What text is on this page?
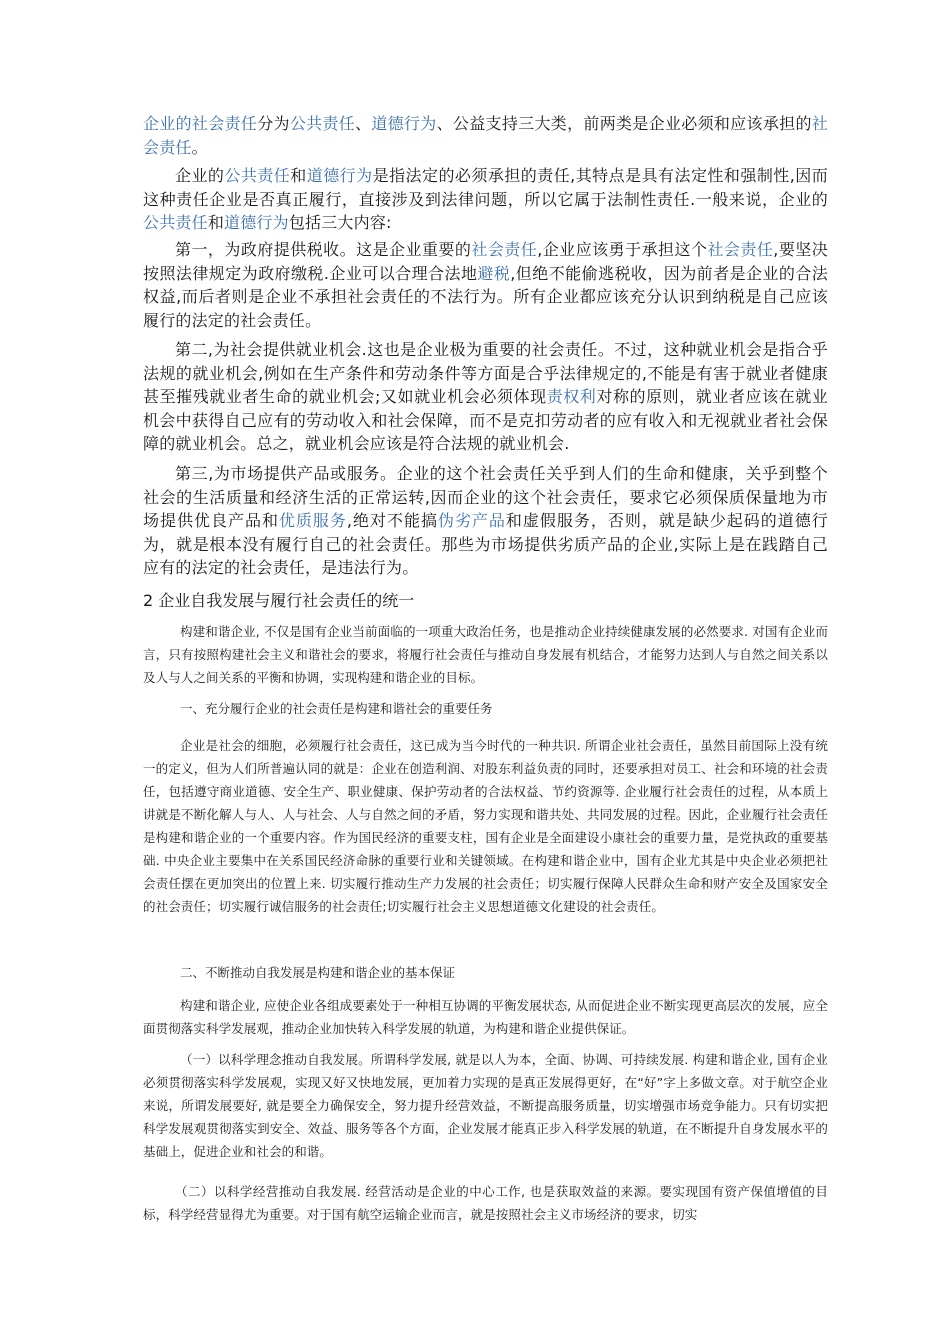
企业的社会责任分为公共责任、道德行为、公益支持三大类，前两类是企业必须和应该承担的社会责任。

企业的公共责任和道德行为是指法定的必须承担的责任,其特点是具有法定性和强制性,因而这种责任企业是否真正履行，直接涉及到法律问题，所以它属于法制性责任.一般来说，企业的公共责任和道德行为包括三大内容:

第一，为政府提供税收。这是企业重要的社会责任,企业应该勇于承担这个社会责任,要坚决按照法律规定为政府缴税.企业可以合理合法地避税,但绝不能偷逃税收，因为前者是企业的合法权益,而后者则是企业不承担社会责任的不法行为。所有企业都应该充分认识到纳税是自己应该履行的法定的社会责任。

第二,为社会提供就业机会.这也是企业极为重要的社会责任。不过，这种就业机会是指合乎法规的就业机会,例如在生产条件和劳动条件等方面是合乎法律规定的,不能是有害于就业者健康甚至摧残就业者生命的就业机会;又如就业机会必须体现责权利对称的原则，就业者应该在就业机会中获得自己应有的劳动收入和社会保障，而不是克扣劳动者的应有收入和无视就业者社会保障的就业机会。总之，就业机会应该是符合法规的就业机会.

第三,为市场提供产品或服务。企业的这个社会责任关乎到人们的生命和健康，关乎到整个社会的生活质量和经济生活的正常运转,因而企业的这个社会责任，要求它必须保质保量地为市场提供优良产品和优质服务,绝对不能搞伪劣产品和虚假服务，否则，就是缺少起码的道德行为，就是根本没有履行自己的社会责任。那些为市场提供劣质产品的企业,实际上是在践踏自己应有的法定的社会责任，是违法行为。

2 企业自我发展与履行社会责任的统一

构建和谐企业, 不仅是国有企业当前面临的一项重大政治任务，也是推动企业持续健康发展的必然要求. 对国有企业而言，只有按照构建社会主义和谐社会的要求，将履行社会责任与推动自身发展有机结合，才能努力达到人与自然之间关系以及人与人之间关系的平衡和协调，实现构建和谐企业的目标。

一、充分履行企业的社会责任是构建和谐社会的重要任务

企业是社会的细胞，必须履行社会责任，这已成为当今时代的一种共识. 所谓企业社会责任，虽然目前国际上没有统一的定义，但为人们所普遍认同的就是：企业在创造利润、对股东利益负责的同时，还要承担对员工、社会和环境的社会责任，包括遵守商业道德、安全生产、职业健康、保护劳动者的合法权益、节约资源等. 企业履行社会责任的过程，从本质上讲就是不断化解人与人、人与社会、人与自然之间的矛盾，努力实现和谐共处、共同发展的过程。因此，企业履行社会责任是构建和谐企业的一个重要内容。作为国民经济的重要支柱，国有企业是全面建设小康社会的重要力量，是党执政的重要基础. 中央企业主要集中在关系国民经济命脉的重要行业和关键领域。在构建和谐企业中，国有企业尤其是中央企业必须把社会责任摆在更加突出的位置上来. 切实履行推动生产力发展的社会责任；切实履行保障人民群众生命和财产安全及国家安全的社会责任；切实履行诚信服务的社会责任;切实履行社会主义思想道德文化建设的社会责任。

二、不断推动自我发展是构建和谐企业的基本保证

构建和谐企业, 应使企业各组成要素处于一种相互协调的平衡发展状态, 从而促进企业不断实现更高层次的发展，应全面贯彻落实科学发展观，推动企业加快转入科学发展的轨道，为构建和谐企业提供保证。

（一）以科学理念推动自我发展。所谓科学发展, 就是以人为本，全面、协调、可持续发展. 构建和谐企业, 国有企业必须贯彻落实科学发展观，实现又好又快地发展，更加着力实现的是真正发展得更好，在“好”字上多做文章。对于航空企业来说，所谓发展要好, 就是要全力确保安全，努力提升经营效益，不断提高服务质量，切实增强市场竞争能力。只有切实把科学发展观贯彻落实到安全、效益、服务等各个方面，企业发展才能真正步入科学发展的轨道，在不断提升自身发展水平的基础上，促进企业和社会的和谐。

（二）以科学经营推动自我发展. 经营活动是企业的中心工作, 也是获取效益的来源。要实现国有资产保值增值的目标，科学经营显得尤为重要。对于国有航空运输企业而言，就是按照社会主义市场经济的要求，切实
